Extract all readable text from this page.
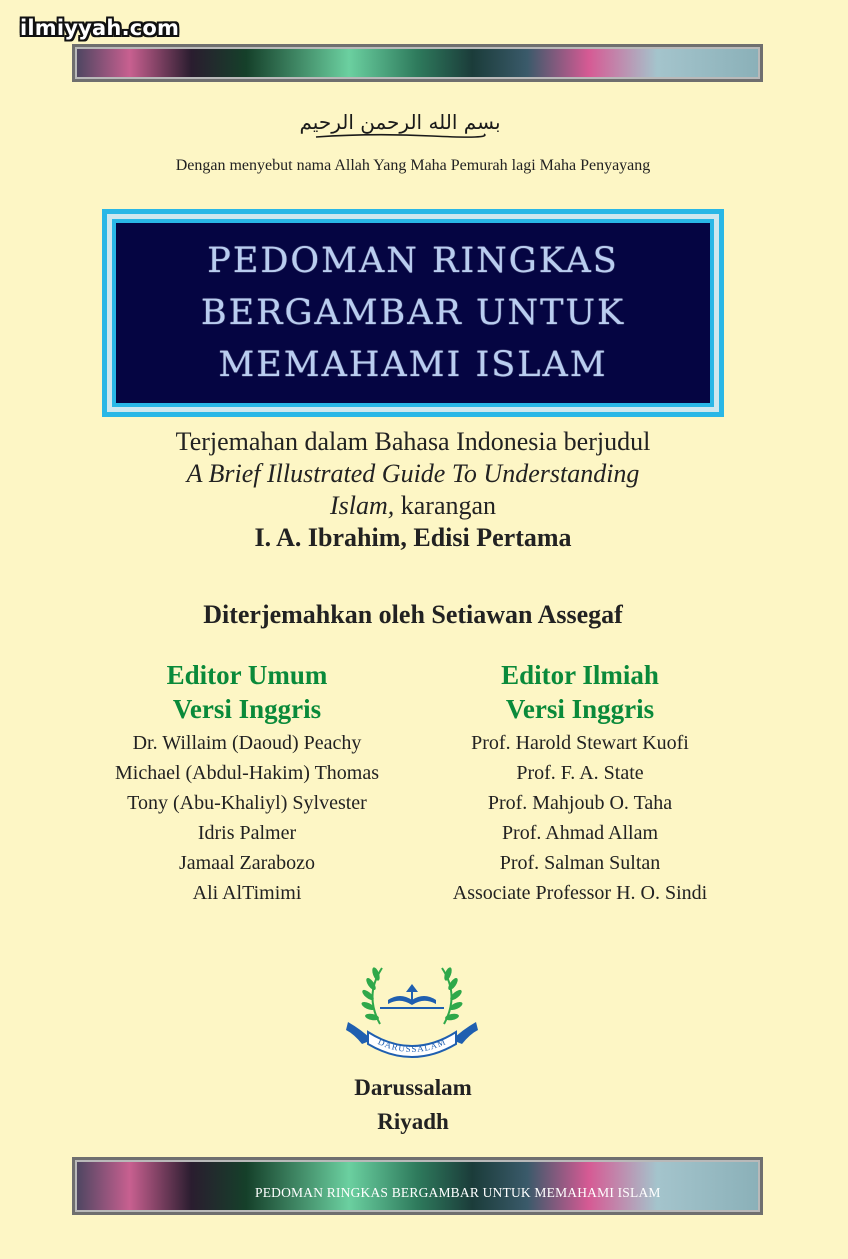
ilmiyyah.com
بسم الله الرحمن الرحيم
Dengan menyebut nama Allah Yang Maha Pemurah lagi Maha Penyayang
PEDOMAN RINGKAS
BERGAMBAR UNTUK
MEMAHAMI ISLAM
Terjemahan dalam Bahasa Indonesia berjudul
A Brief Illustrated Guide To Understanding
Islam, karangan
I. A. Ibrahim, Edisi Pertama
Diterjemahkan oleh Setiawan Assegaf
Editor Umum
Versi Inggris
Dr. Willaim (Daoud) Peachy
Michael (Abdul-Hakim) Thomas
Tony (Abu-Khaliyl) Sylvester
Idris Palmer
Jamaal Zarabozo
Ali AlTimimi
Editor Ilmiah
Versi Inggris
Prof. Harold Stewart Kuofi
Prof. F. A. State
Prof. Mahjoub O. Taha
Prof. Ahmad Allam
Prof. Salman Sultan
Associate Professor H. O. Sindi
DARUSSALAM
Darussalam
Riyadh
PEDOMAN RINGKAS BERGAMBAR UNTUK MEMAHAMI ISLAM
